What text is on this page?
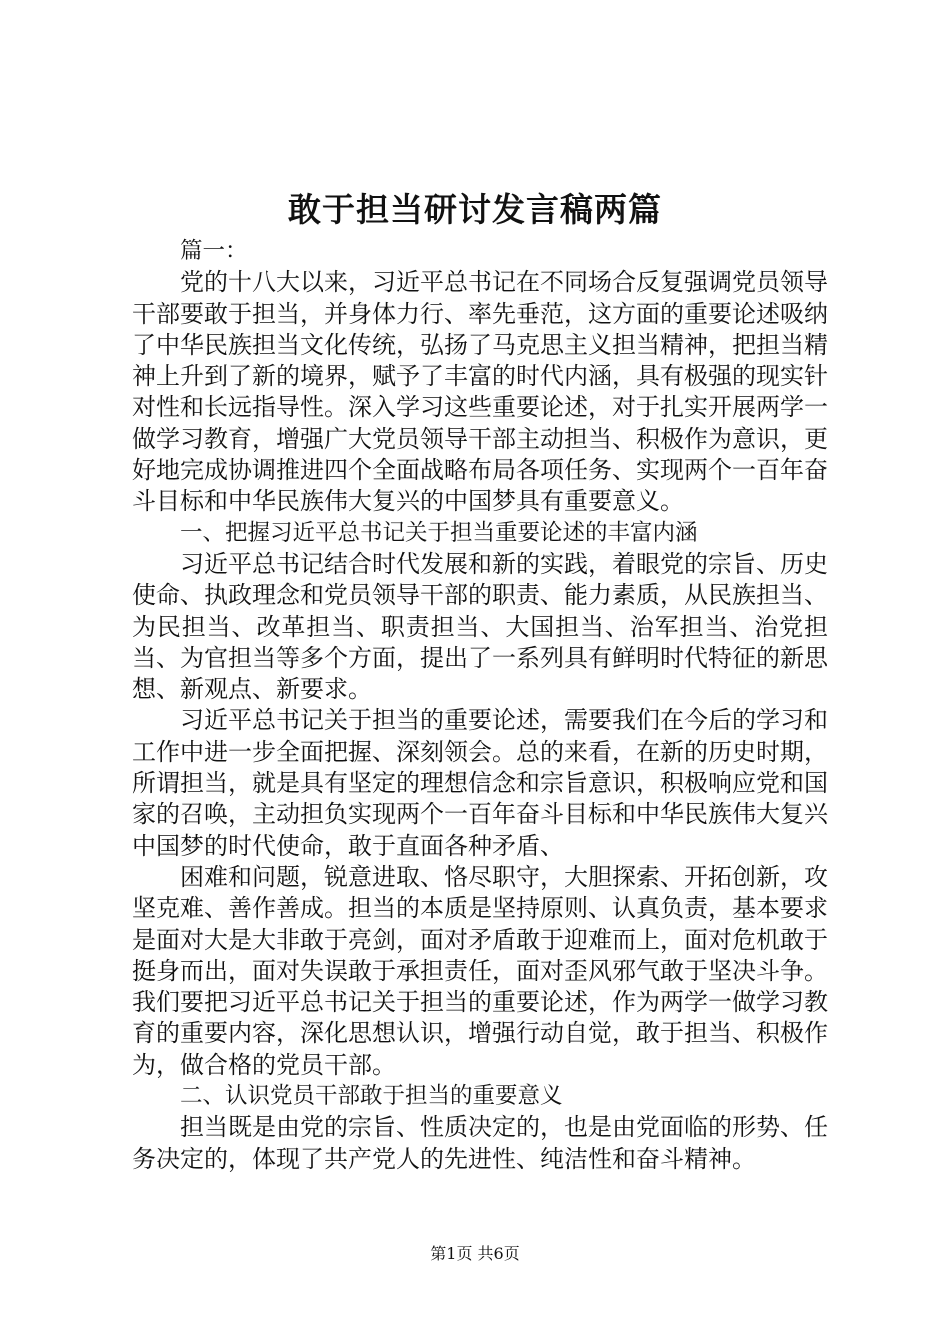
敢于担当研讨发言稿两篇

篇一：

党的十八大以来，习近平总书记在不同场合反复强调党员领导干部要敢于担当，并身体力行、率先垂范，这方面的重要论述吸纳了中华民族担当文化传统，弘扬了马克思主义担当精神，把担当精神上升到了新的境界，赋予了丰富的时代内涵，具有极强的现实针对性和长远指导性。深入学习这些重要论述，对于扎实开展两学一做学习教育，增强广大党员领导干部主动担当、积极作为意识，更好地完成协调推进四个全面战略布局各项任务、实现两个一百年奋斗目标和中华民族伟大复兴的中国梦具有重要意义。

一、把握习近平总书记关于担当重要论述的丰富内涵

习近平总书记结合时代发展和新的实践，着眼党的宗旨、历史使命、执政理念和党员领导干部的职责、能力素质，从民族担当、为民担当、改革担当、职责担当、大国担当、治军担当、治党担当、为官担当等多个方面，提出了一系列具有鲜明时代特征的新思想、新观点、新要求。

习近平总书记关于担当的重要论述，需要我们在今后的学习和工作中进一步全面把握、深刻领会。总的来看，在新的历史时期，所谓担当，就是具有坚定的理想信念和宗旨意识，积极响应党和国家的召唤，主动担负实现两个一百年奋斗目标和中华民族伟大复兴中国梦的时代使命，敢于直面各种矛盾、

困难和问题，锐意进取、恪尽职守，大胆探索、开拓创新，攻坚克难、善作善成。担当的本质是坚持原则、认真负责，基本要求是面对大是大非敢于亮剑，面对矛盾敢于迎难而上，面对危机敢于挺身而出，面对失误敢于承担责任，面对歪风邪气敢于坚决斗争。我们要把习近平总书记关于担当的重要论述，作为两学一做学习教育的重要内容，深化思想认识，增强行动自觉，敢于担当、积极作为，做合格的党员干部。

二、认识党员干部敢于担当的重要意义

担当既是由党的宗旨、性质决定的，也是由党面临的形势、任务决定的，体现了共产党人的先进性、纯洁性和奋斗精神。

第1页 共6页
